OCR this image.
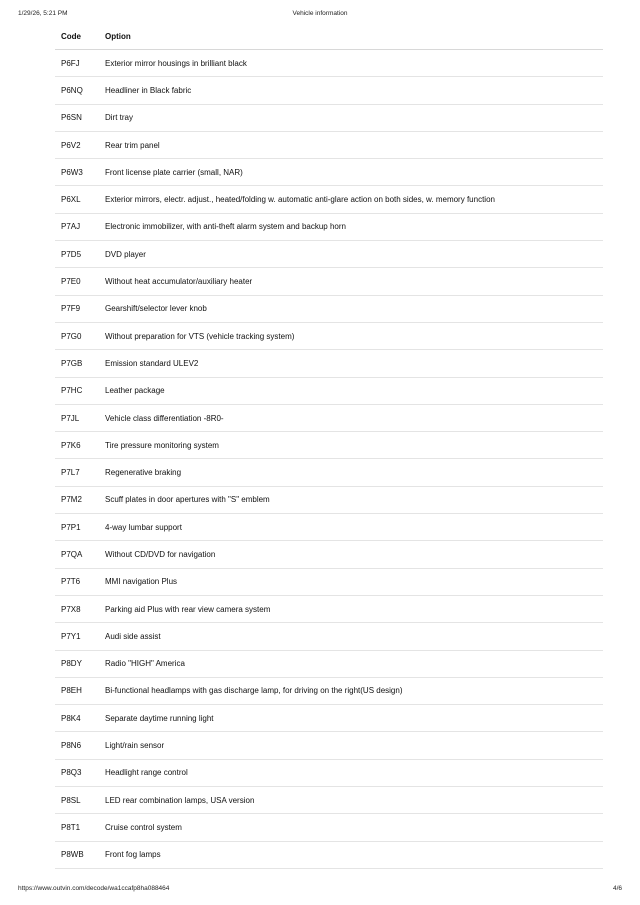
1/29/26, 5:21 PM	Vehicle information
Code	Option
P6FJ	Exterior mirror housings in brilliant black
P6NQ	Headliner in Black fabric
P6SN	Dirt tray
P6V2	Rear trim panel
P6W3	Front license plate carrier (small, NAR)
P6XL	Exterior mirrors, electr. adjust., heated/folding w. automatic anti-glare action on both sides, w. memory function
P7AJ	Electronic immobilizer, with anti-theft alarm system and backup horn
P7D5	DVD player
P7E0	Without heat accumulator/auxiliary heater
P7F9	Gearshift/selector lever knob
P7G0	Without preparation for VTS (vehicle tracking system)
P7GB	Emission standard ULEV2
P7HC	Leather package
P7JL	Vehicle class differentiation -8R0-
P7K6	Tire pressure monitoring system
P7L7	Regenerative braking
P7M2	Scuff plates in door apertures with "S" emblem
P7P1	4-way lumbar support
P7QA	Without CD/DVD for navigation
P7T6	MMI navigation Plus
P7X8	Parking aid Plus with rear view camera system
P7Y1	Audi side assist
P8DY	Radio "HIGH" America
P8EH	Bi-functional headlamps with gas discharge lamp, for driving on the right(US design)
P8K4	Separate daytime running light
P8N6	Light/rain sensor
P8Q3	Headlight range control
P8SL	LED rear combination lamps, USA version
P8T1	Cruise control system
P8WB	Front fog lamps
https://www.outvin.com/decode/wa1ccafp8ha088464	4/6
